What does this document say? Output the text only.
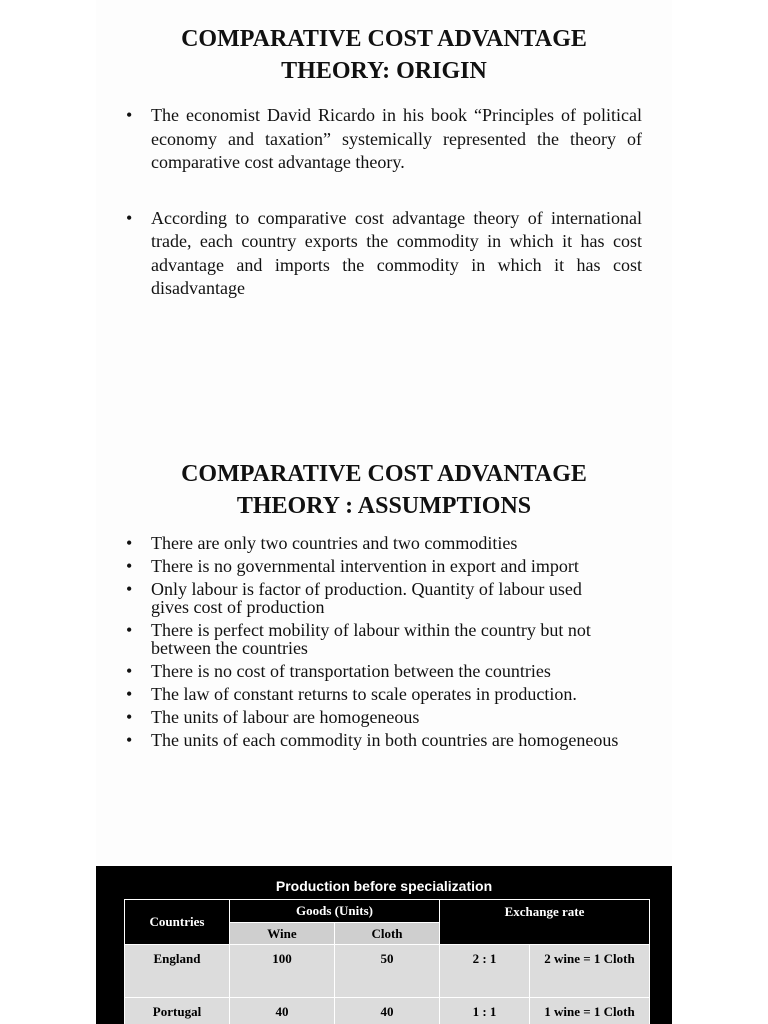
COMPARATIVE COST ADVANTAGE
THEORY: ORIGIN
• The economist David Ricardo in his book “Principles of political economy and taxation” systemically represented the theory of comparative cost advantage theory.
• According to comparative cost advantage theory of international trade, each country exports the commodity in which it has cost advantage and imports the commodity in which it has cost disadvantage
COMPARATIVE COST ADVANTAGE
THEORY : ASSUMPTIONS
• There are only two countries and two commodities
• There is no governmental intervention in export and import
• Only labour is factor of production. Quantity of labour used gives cost of production
• There is perfect mobility of labour within the country but not between the countries
• There is no cost of transportation between the countries
• The law of constant returns to scale operates in production.
• The units of labour are homogeneous
• The units of each commodity in both countries are homogeneous
Production before specialization
Countries	Goods (Units)		Exchange rate	
	Wine	Cloth		
England	100	50	2 : 1	2 wine = 1 Cloth
Portugal	40	40	1 : 1	1 wine = 1 Cloth
